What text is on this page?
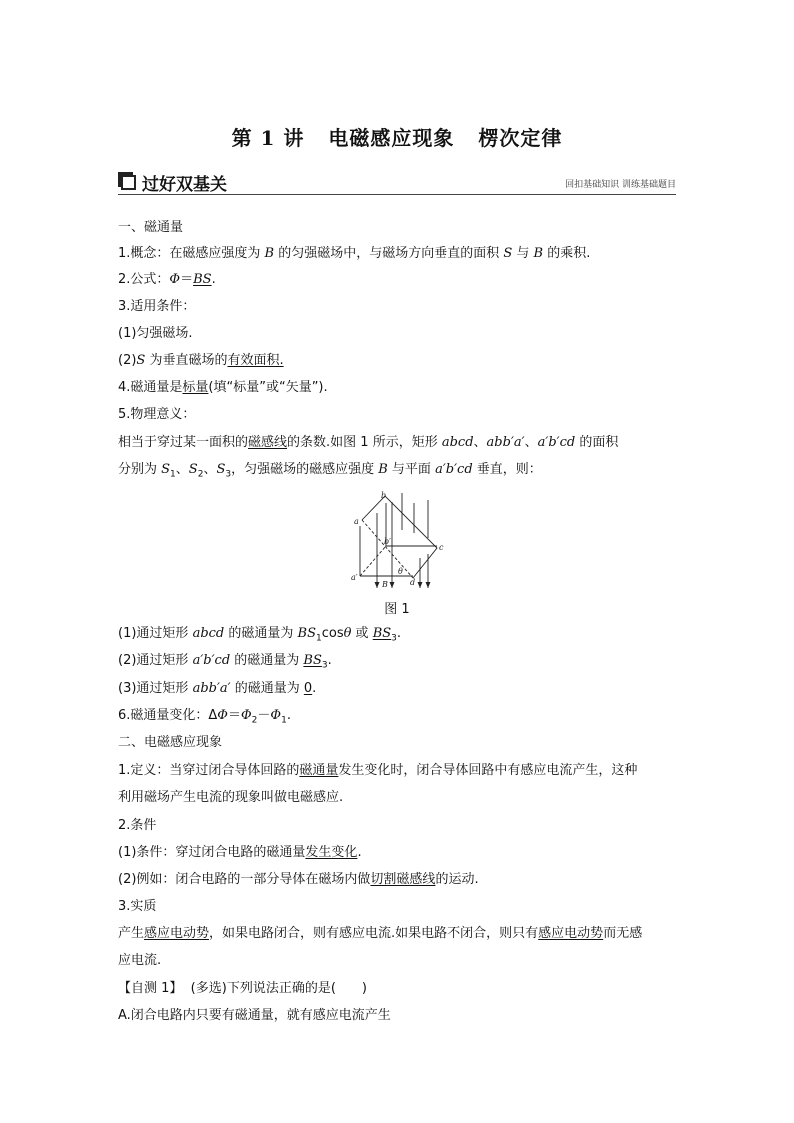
第 1 讲 电磁感应现象 楞次定律
过好双基关	回扣基础知识 训练基础题目
一、磁通量
1.概念：在磁感应强度为 B 的匀强磁场中，与磁场方向垂直的面积 S 与 B 的乘积.
2.公式：Φ＝BS.
3.适用条件：
(1)匀强磁场.
(2)S 为垂直磁场的有效面积.
4.磁通量是标量(填“标量”或“矢量”).
5.物理意义：
相当于穿过某一面积的磁感线的条数.如图 1 所示，矩形 abcd、abb′a′、a′b′cd 的面积
分别为 $S_1$、$S_2$、$S_3$，匀强磁场的磁感应强度 B 与平面 a′b′cd 垂直，则：
a
b
b′
c
a′
d
B
θ
图 1
(1)通过矩形 abcd 的磁通量为 $BS_1\cos\theta$ 或 $BS_3$.
(2)通过矩形 a′b′cd 的磁通量为 $BS_3$.
(3)通过矩形 abb′a′ 的磁通量为 0.
6.磁通量变化：$\Delta\Phi=\Phi_2-\Phi_1$.
二、电磁感应现象
1.定义：当穿过闭合导体回路的磁通量发生变化时，闭合导体回路中有感应电流产生，这种
利用磁场产生电流的现象叫做电磁感应.
2.条件
(1)条件：穿过闭合电路的磁通量发生变化.
(2)例如：闭合电路的一部分导体在磁场内做切割磁感线的运动.
3.实质
产生感应电动势，如果电路闭合，则有感应电流.如果电路不闭合，则只有感应电动势而无感
应电流.
【自测 1】 (多选)下列说法正确的是(　　)
A.闭合电路内只要有磁通量，就有感应电流产生
